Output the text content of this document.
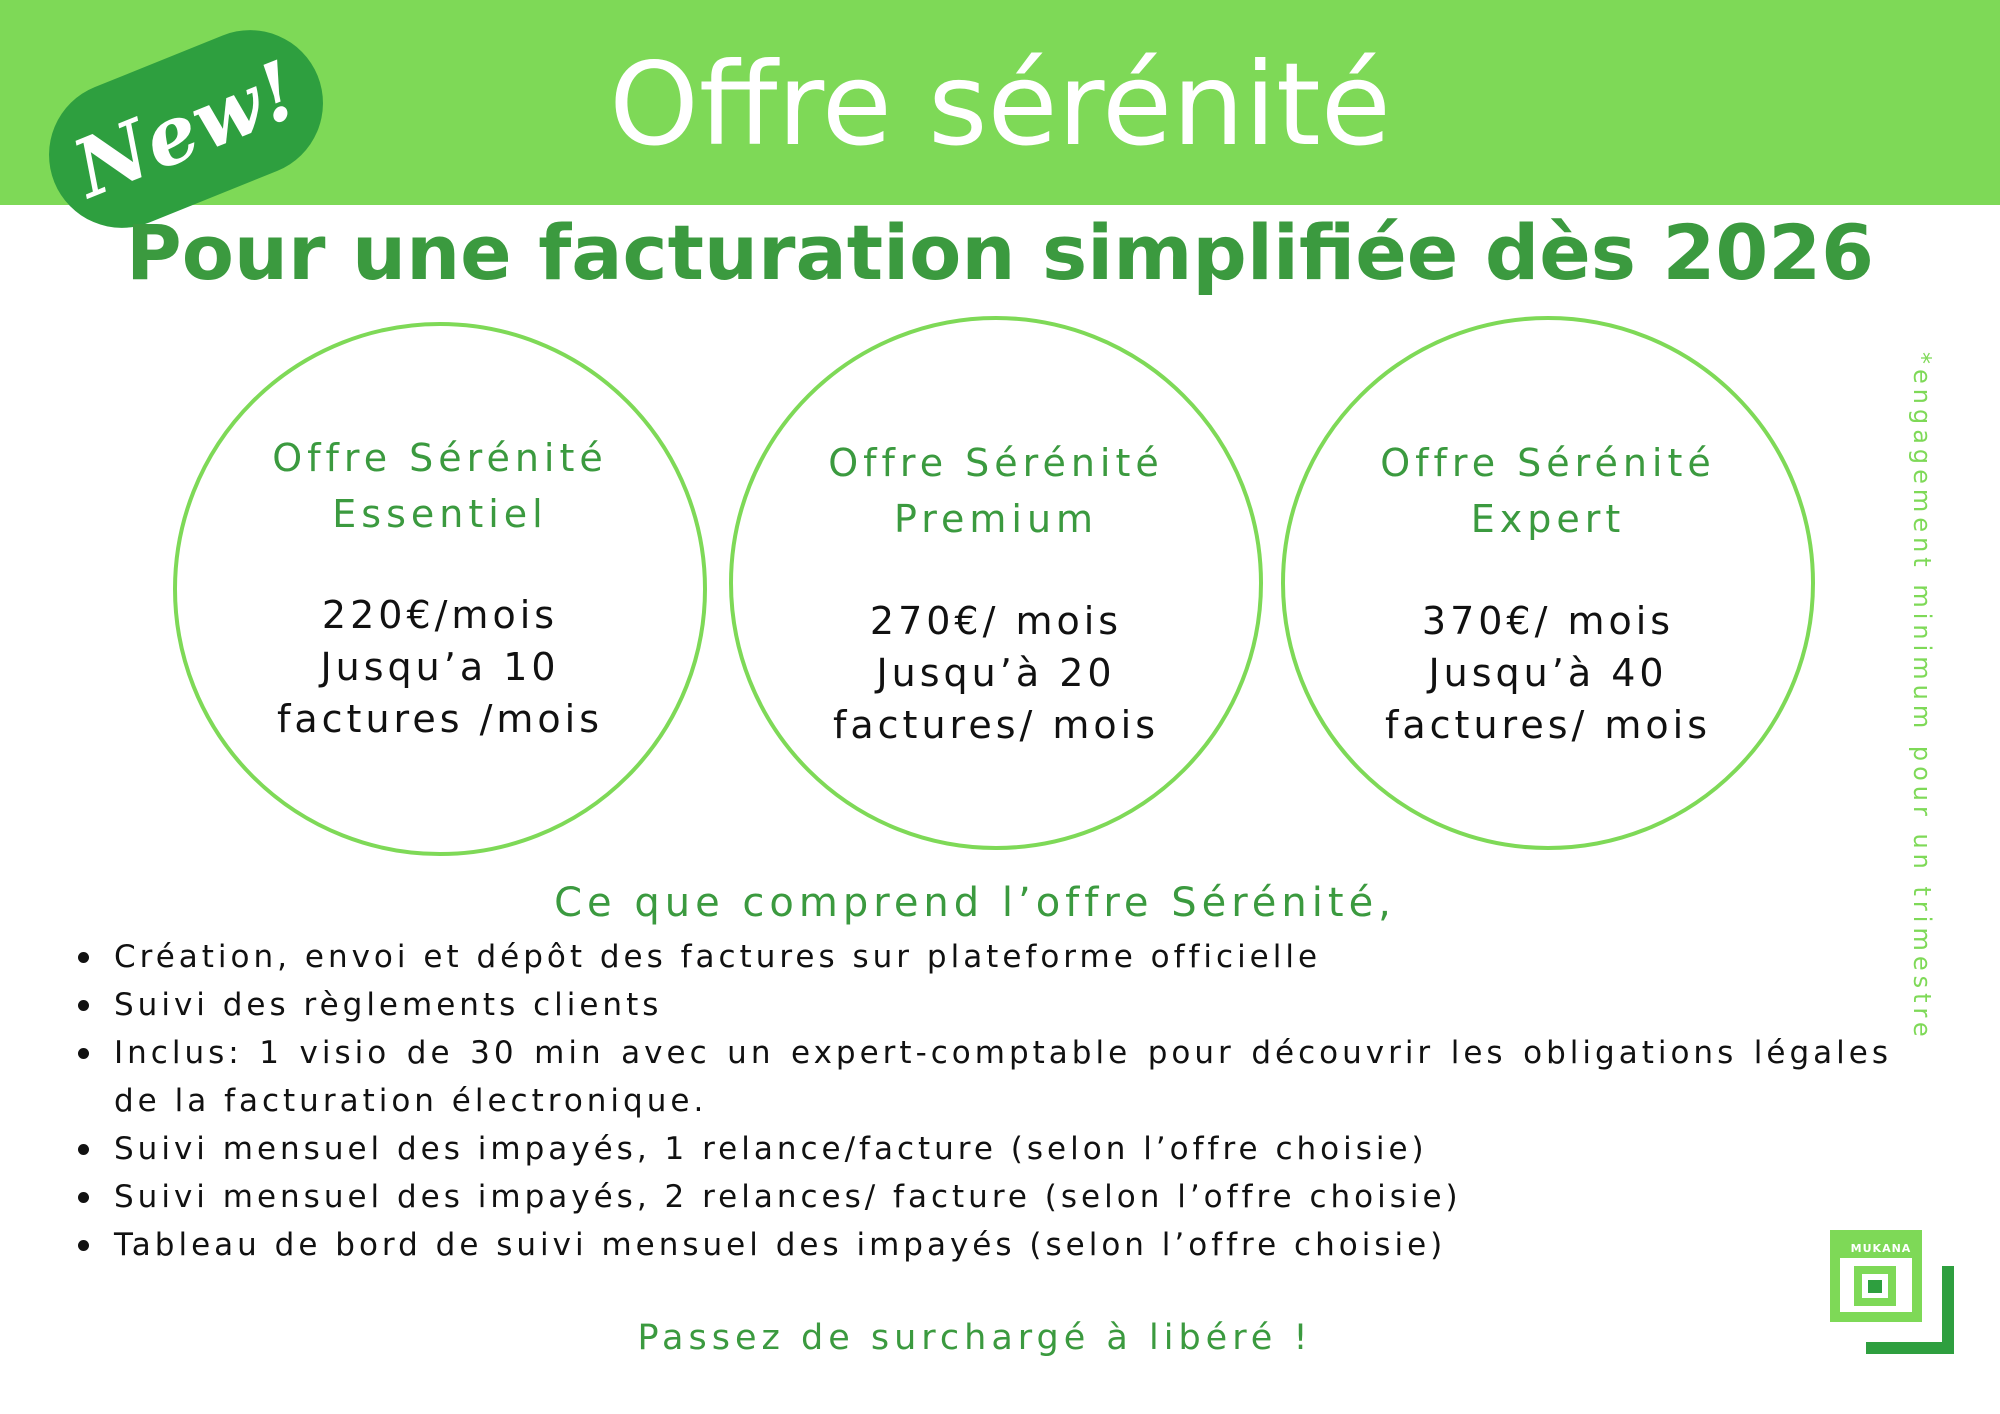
Offre sérénité
New!
Pour une facturation simplifiée dès 2026
Offre Sérénité
Essentiel
220€/mois
Jusqu’a 10
factures /mois
Offre Sérénité
Premium
270€/ mois
Jusqu’à 20
factures/ mois
Offre Sérénité
Expert
370€/ mois
Jusqu’à 40
factures/ mois
Ce que comprend l’offre Sérénité,
Création, envoi et dépôt des factures sur plateforme officielle
Suivi des règlements clients
Inclus: 1 visio de 30 min avec un expert-comptable pour découvrir les obligations légales de la facturation électronique.
Suivi mensuel des impayés, 1 relance/facture (selon l’offre choisie)
Suivi mensuel des impayés, 2 relances/ facture (selon l’offre choisie)
Tableau de bord de suivi mensuel des impayés (selon l’offre choisie)
Passez de surchargé à libéré !
*engagement minimum pour un trimestre
MUKANA
